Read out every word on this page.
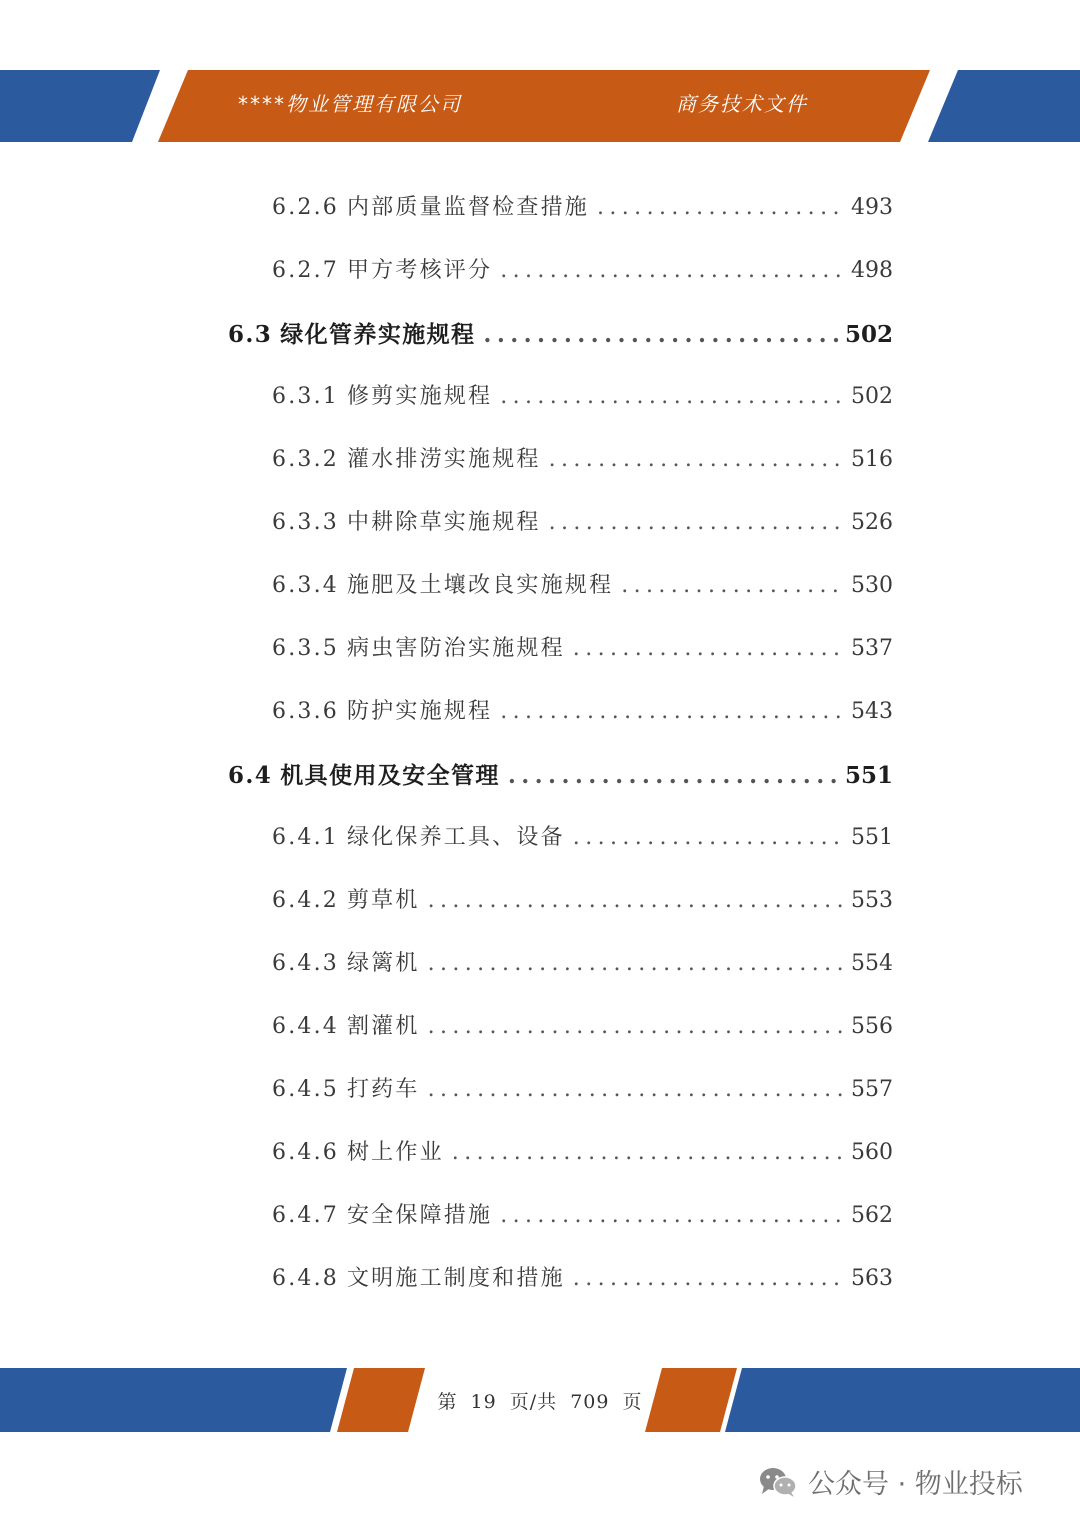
****物业管理有限公司	商务技术文件
6.2.6 内部质量监督检查措施 .....	493
6.2.7 甲方考核评分 .....	498
6.3 绿化管养实施规程 .....	502
6.3.1 修剪实施规程 .....	502
6.3.2 灌水排涝实施规程 .....	516
6.3.3 中耕除草实施规程 .....	526
6.3.4 施肥及土壤改良实施规程 .....	530
6.3.5 病虫害防治实施规程 .....	537
6.3.6 防护实施规程 .....	543
6.4 机具使用及安全管理 .....	551
6.4.1 绿化保养工具、设备 .....	551
6.4.2 剪草机 .....	553
6.4.3 绿篱机 .....	554
6.4.4 割灌机 .....	556
6.4.5 打药车 .....	557
6.4.6 树上作业 .....	560
6.4.7 安全保障措施 .....	562
6.4.8 文明施工制度和措施 .....	563
第 19 页/共 709 页
公众号 · 物业投标
